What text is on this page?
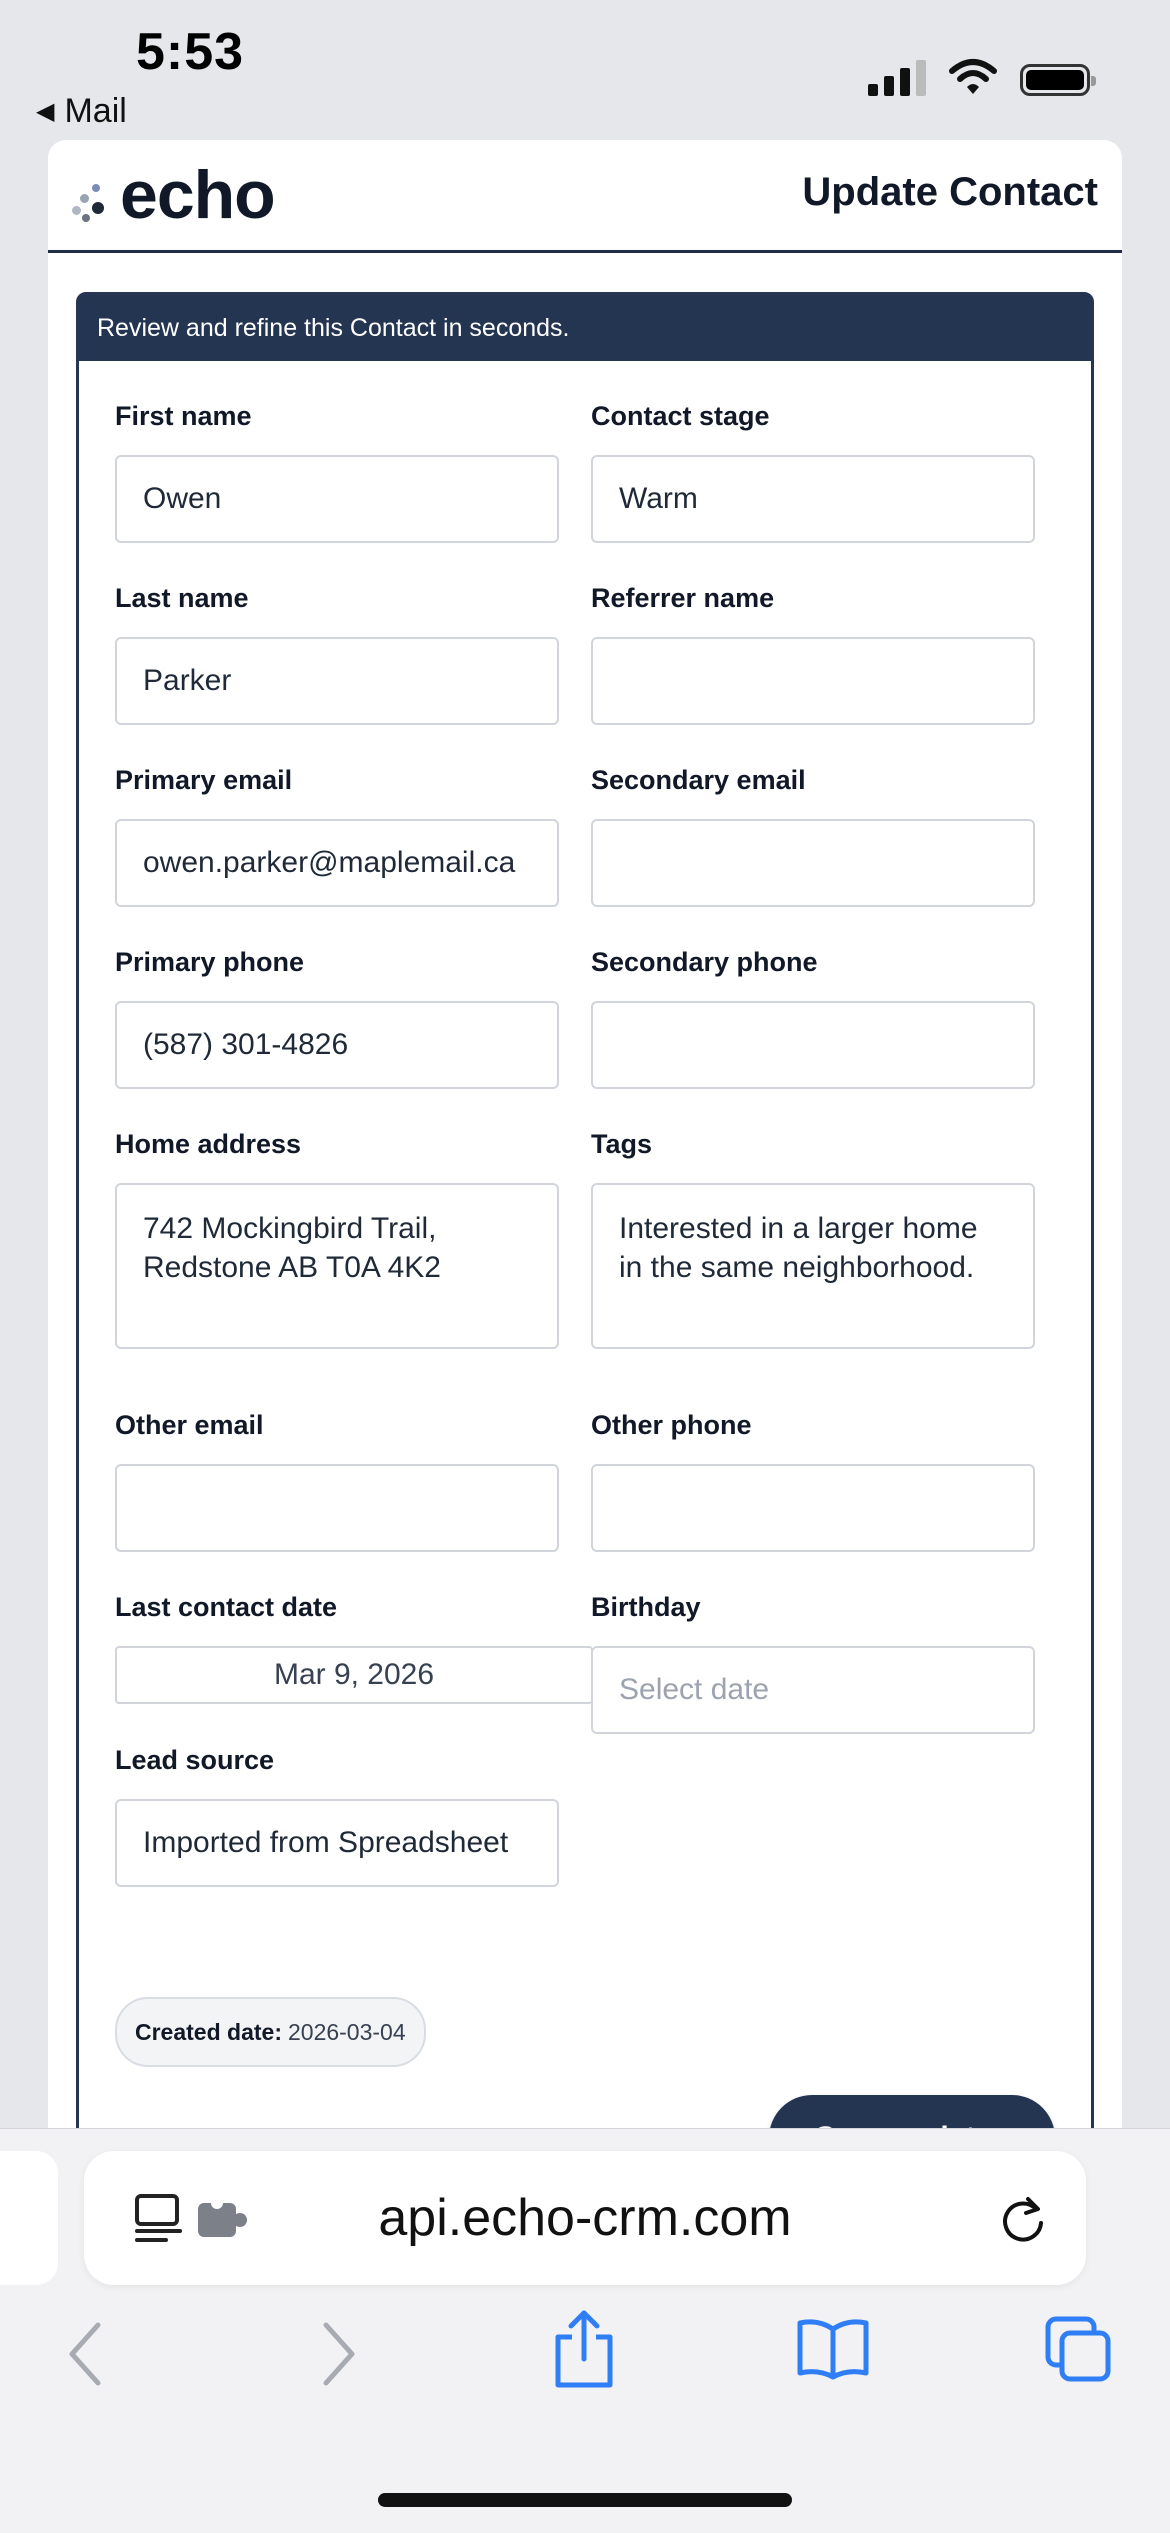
5:53
◀ Mail
echo	Update Contact
Review and refine this Contact in seconds.
First name
Owen
Contact stage
Warm
Last name
Parker
Referrer name
Primary email
owen.parker@maplemail.ca
Secondary email
Primary phone
(587) 301-4826
Secondary phone
Home address
742 Mockingbird Trail, Redstone AB T0A 4K2
Tags
Interested in a larger home in the same neighborhood.
Other email	Other phone
Last contact date
Mar 9, 2026
Birthday
Select date
Lead source
Imported from Spreadsheet
Created date: 2026-03-04
api.echo-crm.com
